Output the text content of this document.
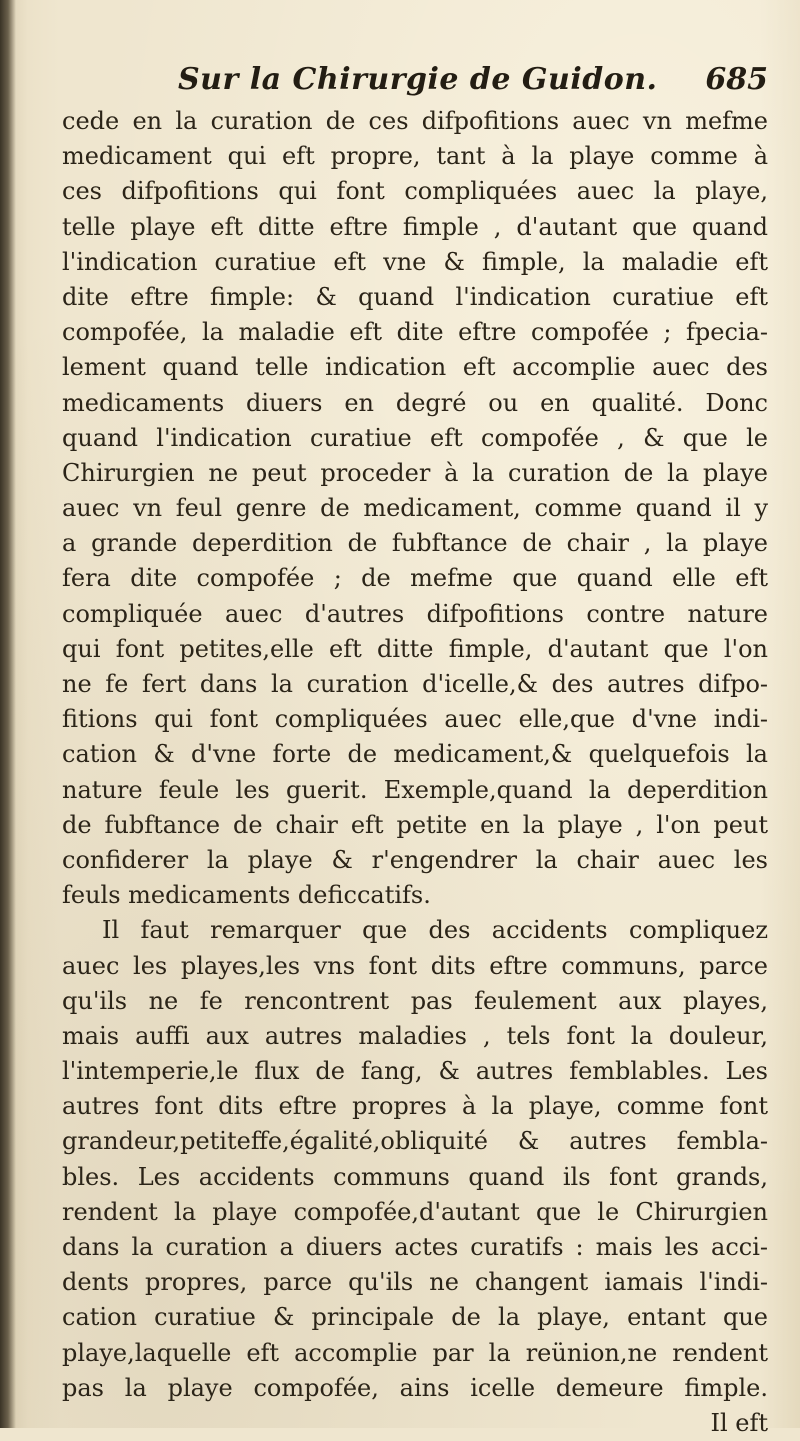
Sur la Chirurgie de Guidon. 685
cede en la curation de ces difpofitions auec vn mefme
medicament qui eft propre, tant à la playe comme à
ces difpofitions qui font compliquées auec la playe,
telle playe eft ditte eftre fimple , d'autant que quand
l'indication curatiue eft vne & fimple, la maladie eft
dite eftre fimple: & quand l'indication curatiue eft
compofée, la maladie eft dite eftre compofée ; fpecia-
lement quand telle indication eft accomplie auec des
medicaments diuers en degré ou en qualité. Donc
quand l'indication curatiue eft compofée , & que le
Chirurgien ne peut proceder à la curation de la playe
auec vn feul genre de medicament, comme quand il y
a grande deperdition de fubftance de chair , la playe
fera dite compofée ; de mefme que quand elle eft
compliquée auec d'autres difpofitions contre nature
qui font petites,elle eft ditte fimple, d'autant que l'on
ne fe fert dans la curation d'icelle,& des autres difpo-
fitions qui font compliquées auec elle,que d'vne indi-
cation & d'vne forte de medicament,& quelquefois la
nature feule les guerit. Exemple,quand la deperdition
de fubftance de chair eft petite en la playe , l'on peut
confiderer la playe & r'engendrer la chair auec les
feuls medicaments deficcatifs.
Il faut remarquer que des accidents compliquez
auec les playes,les vns font dits eftre communs, parce
qu'ils ne fe rencontrent pas feulement aux playes,
mais auffi aux autres maladies , tels font la douleur,
l'intemperie,le flux de fang, & autres femblables. Les
autres font dits eftre propres à la playe, comme font
grandeur,petiteffe,égalité,obliquité & autres fembla-
bles. Les accidents communs quand ils font grands,
rendent la playe compofée,d'autant que le Chirurgien
dans la curation a diuers actes curatifs : mais les acci-
dents propres, parce qu'ils ne changent iamais l'indi-
cation curatiue & principale de la playe, entant que
playe,laquelle eft accomplie par la reünion,ne rendent
pas la playe compofée, ains icelle demeure fimple.
Il eft
